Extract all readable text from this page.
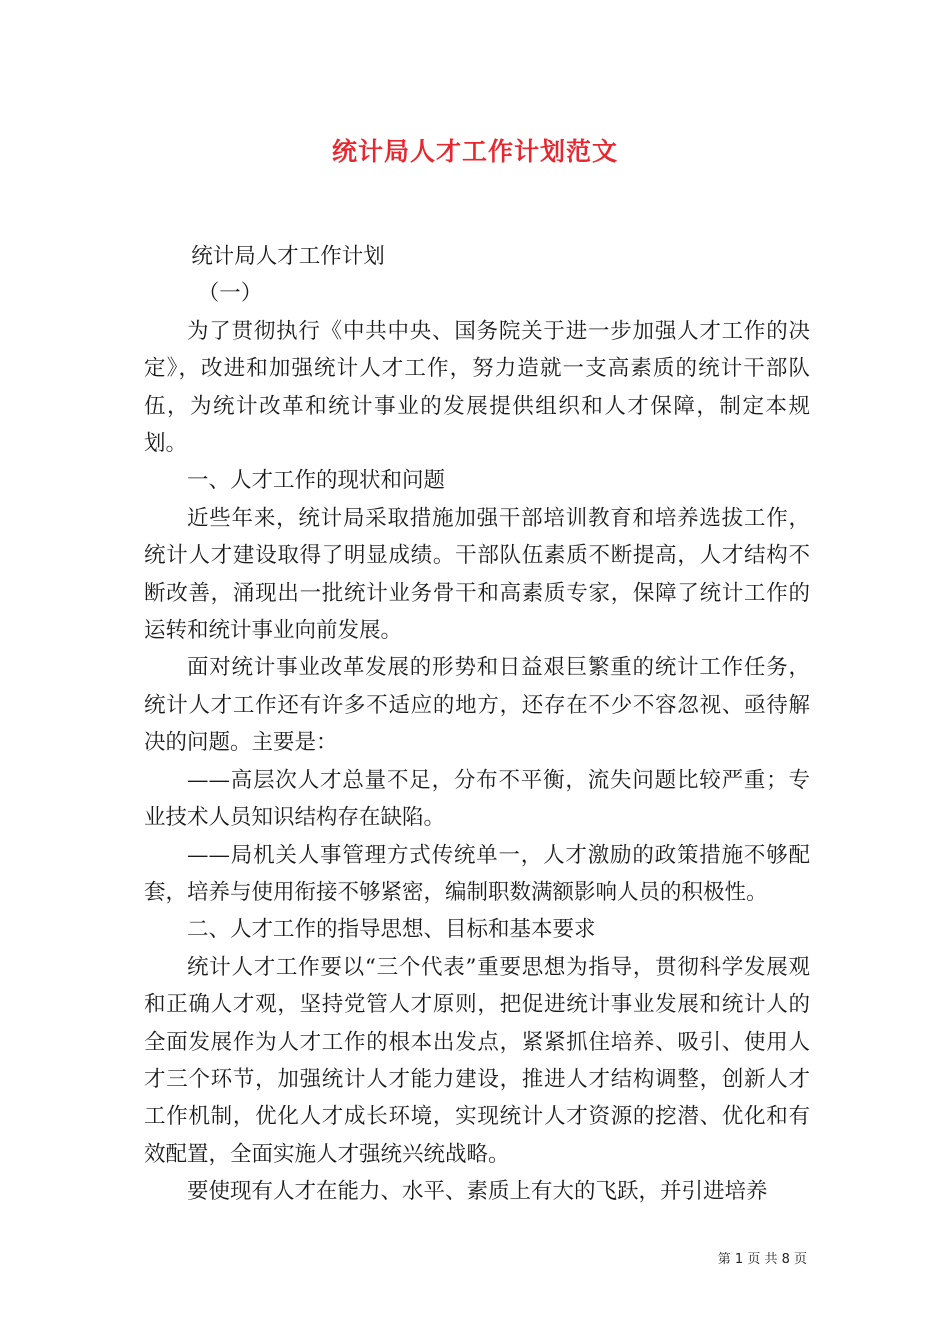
统计局人才工作计划范文

统计局人才工作计划

（一）

为了贯彻执行《中共中央、国务院关于进一步加强人才工作的决定》，改进和加强统计人才工作，努力造就一支高素质的统计干部队伍，为统计改革和统计事业的发展提供组织和人才保障，制定本规划。

一、人才工作的现状和问题

近些年来，统计局采取措施加强干部培训教育和培养选拔工作，统计人才建设取得了明显成绩。干部队伍素质不断提高，人才结构不断改善，涌现出一批统计业务骨干和高素质专家，保障了统计工作的运转和统计事业向前发展。

面对统计事业改革发展的形势和日益艰巨繁重的统计工作任务，统计人才工作还有许多不适应的地方，还存在不少不容忽视、亟待解决的问题。主要是：

——高层次人才总量不足，分布不平衡，流失问题比较严重；专业技术人员知识结构存在缺陷。

——局机关人事管理方式传统单一，人才激励的政策措施不够配套，培养与使用衔接不够紧密，编制职数满额影响人员的积极性。

二、人才工作的指导思想、目标和基本要求

统计人才工作要以“三个代表”重要思想为指导，贯彻科学发展观和正确人才观，坚持党管人才原则，把促进统计事业发展和统计人的全面发展作为人才工作的根本出发点，紧紧抓住培养、吸引、使用人才三个环节，加强统计人才能力建设，推进人才结构调整，创新人才工作机制，优化人才成长环境，实现统计人才资源的挖潜、优化和有效配置，全面实施人才强统兴统战略。

要使现有人才在能力、水平、素质上有大的飞跃，并引进培养

第 1 页 共 8 页
